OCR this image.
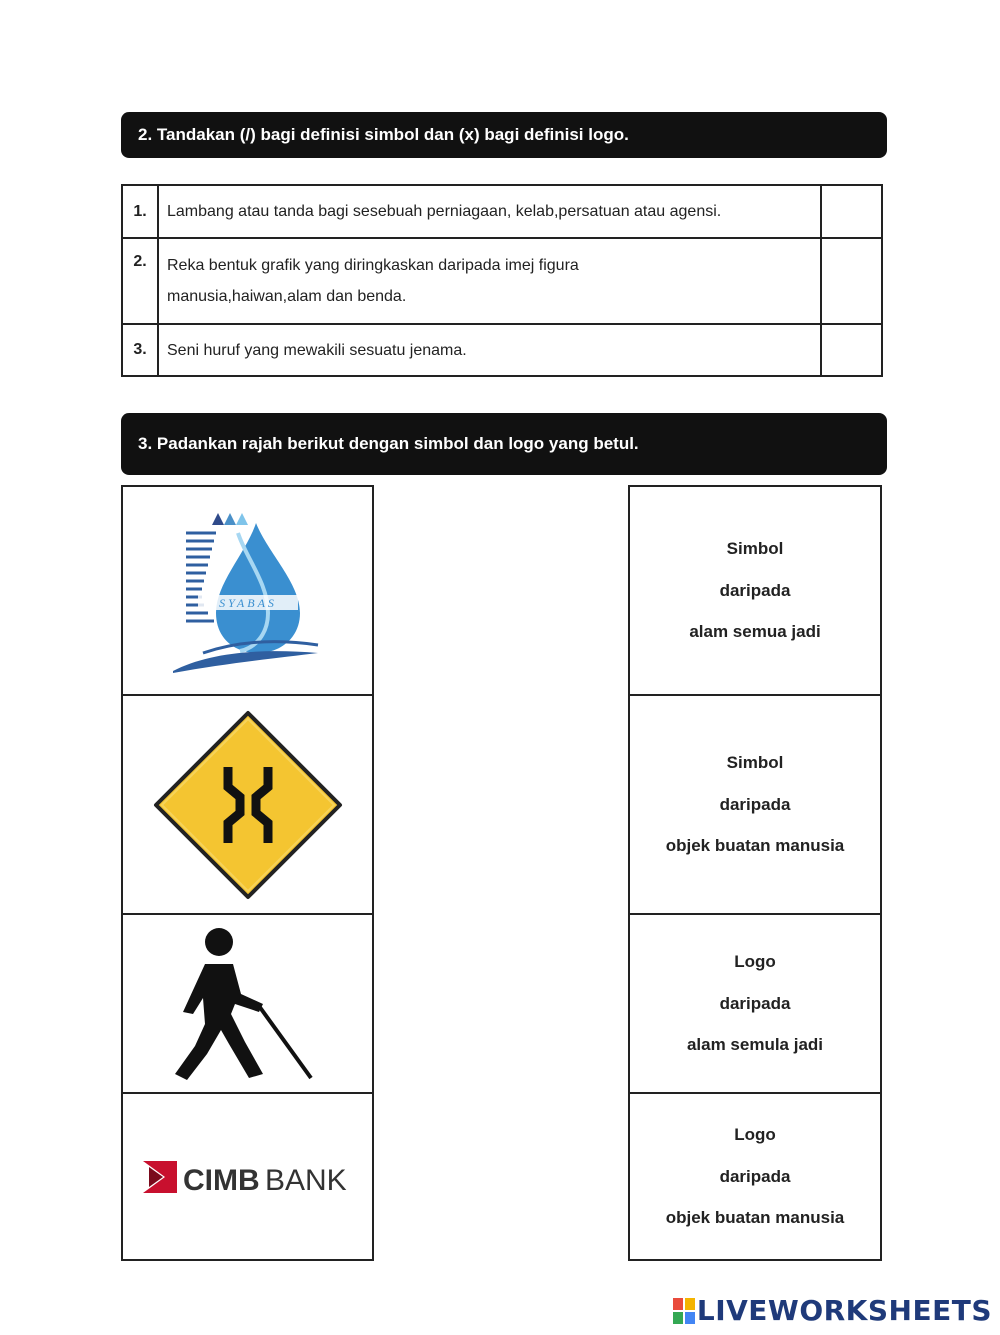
2. Tandakan (/) bagi definisi simbol dan (x) bagi definisi logo.
1.	Lambang atau tanda bagi sesebuah perniagaan, kelab,persatuan atau agensi.	
2.	Reka bentuk grafik yang diringkaskan daripada imej figura
manusia,haiwan,alam dan benda.	

3.	Seni huruf yang mewakili sesuatu jenama.	
3. Padankan rajah berikut dengan simbol dan logo yang betul.
SYABAS
CIMB BANK
Simbol
daripada
alam semua jadi
Simbol
daripada
objek buatan manusia
Logo
daripada
alam semula jadi
Logo
daripada
objek buatan manusia
LIVEWORKSHEETS
